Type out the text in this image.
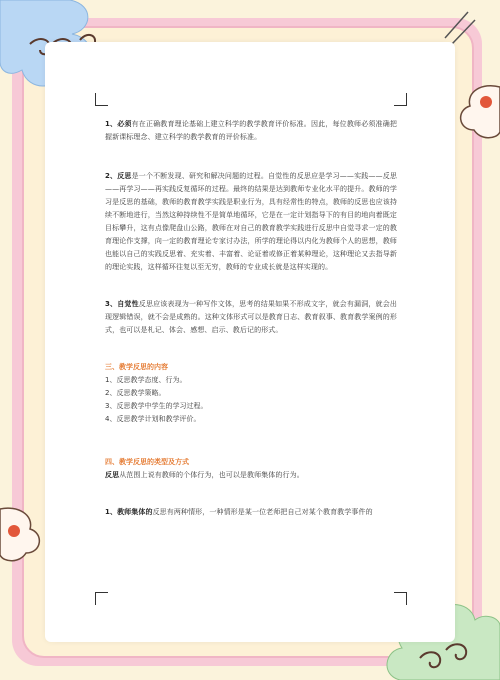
1、必须有在正确教育理论基础上建立科学的教学教育评价标准。因此，每位教师必须准确把握新课标理念、建立科学的教学教育的评价标准。

2、反思是一个不断发现、研究和解决问题的过程。自觉性的反思应是学习——实践——反思——再学习——再实践反复循环的过程。最终的结果是达到教师专业化水平的提升。教师的学习是反思的基础，教师的教育教学实践是职业行为，具有经常性的特点，教师的反思也应该持续不断地进行，当然这种持续性不是简单地循环，它是在一定计划指导下的有目的地向着既定目标攀升，这有点像爬盘山公路，教师在对自己的教育教学实践进行反思中自觉寻求一定的教育理论作支撑，向一定的教育理论专家讨办法，所学的理论得以内化为教师个人的思想，教师也能以自己的实践反思着、充实着、丰富着、论证着或修正着某种理论，这种理论又去指导新的理论实践，这样循环往复以至无穷，教师的专业成长就是这样实现的。

3、自觉性反思应该表现为一种写作文体，思考的结果如果不形成文字，就会有漏洞，就会出现逻辑错误，就不会是成熟的。这种文体形式可以是教育日志、教育叙事、教育教学案例的形式，也可以是札记、体会、感想、启示、教后记的形式。

三、教学反思的内容

1、反思教学态度、行为。

2、反思教学策略。

3、反思教学中学生的学习过程。

4、反思教学计划和教学评价。

四、教学反思的类型及方式

反思从范围上说有教师的个体行为，也可以是教师集体的行为。

1、教师集体的反思有两种情形，一种情形是某一位老师把自己对某个教育教学事件的
